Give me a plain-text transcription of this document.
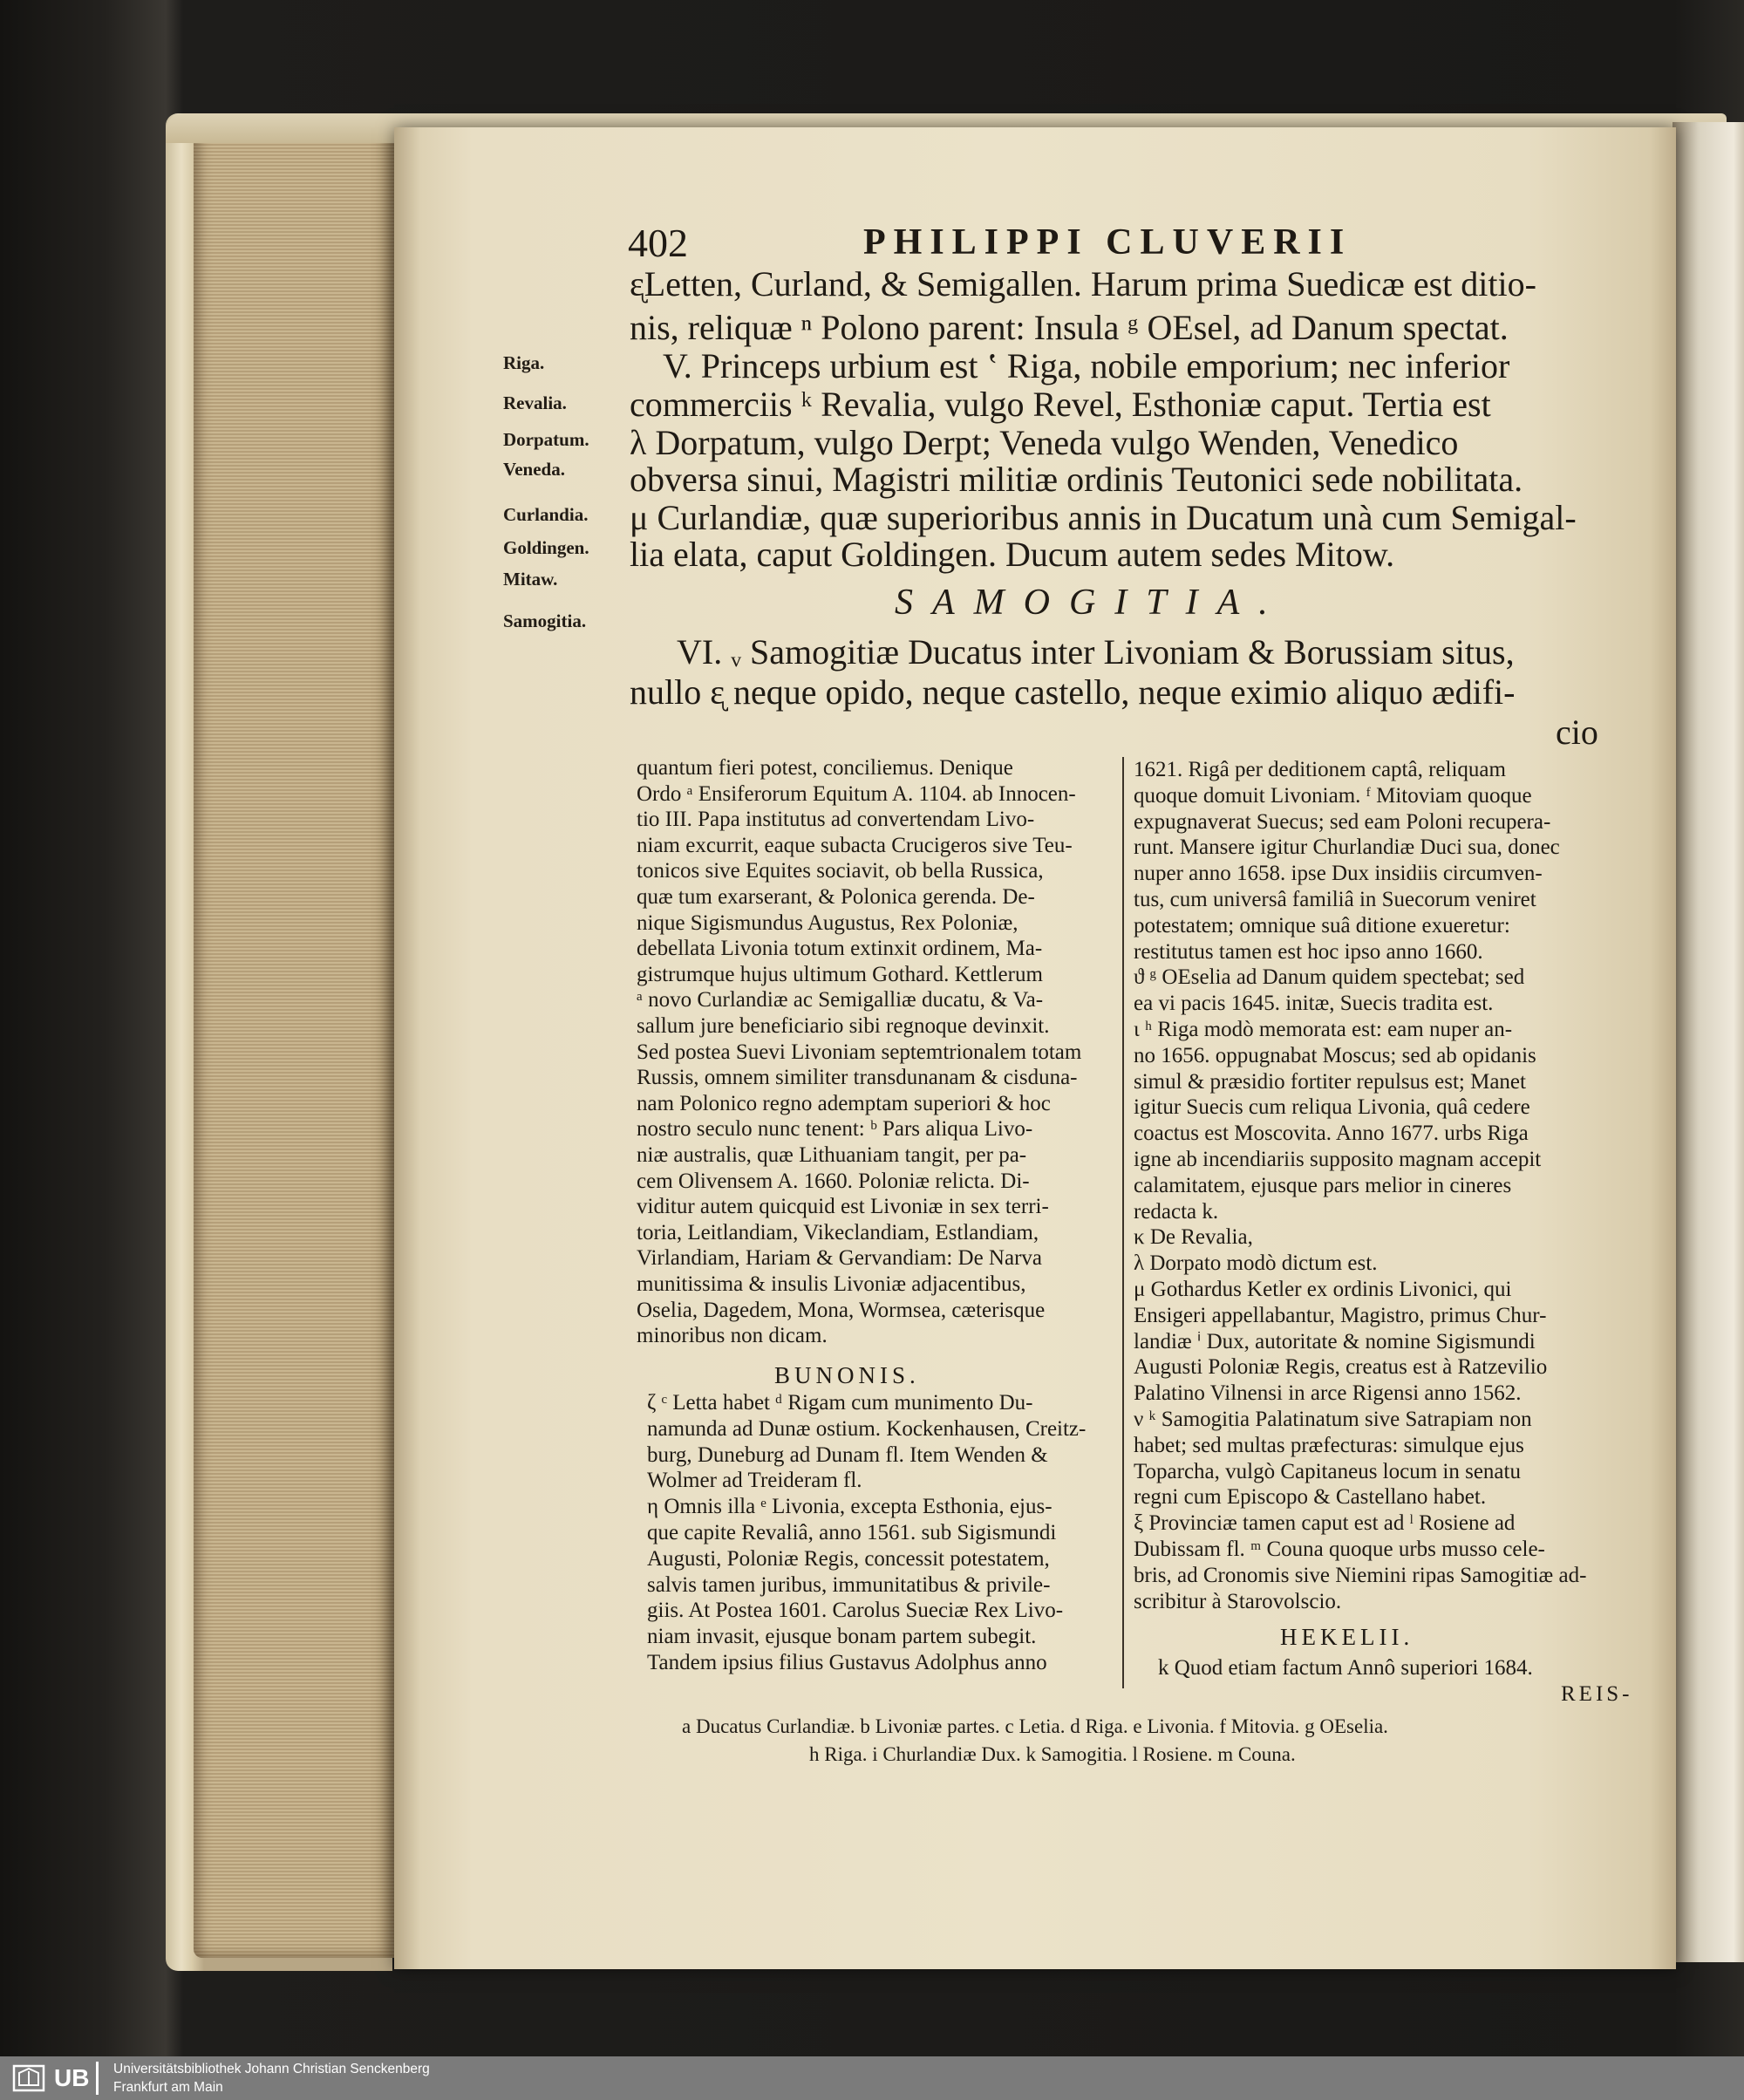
402	PHILIPPI CLUVERII
Riga.
Revalia.
Dorpatum.
Veneda.
Curlandia.
Goldingen.
Mitaw.
Samogitia.
ᶓLetten, Curland, & Semigallen. Harum prima Suedicæ est ditio-
nis, reliquæ ⁿ Polono parent: Insula ᵍ OEsel, ad Danum spectat.
V. Princeps urbium est ʽ Riga, nobile emporium; nec inferior
commerciis ᵏ Revalia, vulgo Revel, Esthoniæ caput. Tertia est
λ Dorpatum, vulgo Derpt; Veneda vulgo Wenden, Venedico
obversa sinui, Magistri militiæ ordinis Teutonici sede nobilitata.
μ Curlandiæ, quæ superioribus annis in Ducatum unà cum Semigal-
lia elata, caput Goldingen. Ducum autem sedes Mitow.
SAMOGITIA.
VI. ᵥ Samogitiæ Ducatus inter Livoniam & Borussiam situs,
nullo ᶓ neque opido, neque castello, neque eximio aliquo ædifi-
cio
quantum fieri potest, conciliemus. Denique
Ordo ᵃ Ensiferorum Equitum A. 1104. ab Innocen-
tio III. Papa institutus ad convertendam Livo-
niam excurrit, eaque subacta Crucigeros sive Teu-
tonicos sive Equites sociavit, ob bella Russica,
quæ tum exarserant, & Polonica gerenda. De-
nique Sigismundus Augustus, Rex Poloniæ,
debellata Livonia totum extinxit ordinem, Ma-
gistrumque hujus ultimum Gothard. Kettlerum
ᵃ novo Curlandiæ ac Semigalliæ ducatu, & Va-
sallum jure beneficiario sibi regnoque devinxit.
Sed postea Suevi Livoniam septemtrionalem totam
Russis, omnem similiter transdunanam & cisduna-
nam Polonico regno ademptam superiori & hoc
nostro seculo nunc tenent: ᵇ Pars aliqua Livo-
niæ australis, quæ Lithuaniam tangit, per pa-
cem Olivensem A. 1660. Poloniæ relicta. Di-
viditur autem quicquid est Livoniæ in sex terri-
toria, Leitlandiam, Vikeclandiam, Estlandiam,
Virlandiam, Hariam & Gervandiam: De Narva
munitissima & insulis Livoniæ adjacentibus,
Oselia, Dagedem, Mona, Wormsea, cæterisque
minoribus non dicam.
BUNONIS.
ζ ᶜ Letta habet ᵈ Rigam cum munimento Du-
namunda ad Dunæ ostium. Kockenhausen, Creitz-
burg, Duneburg ad Dunam fl. Item Wenden &
Wolmer ad Treideram fl.
η Omnis illa ᵉ Livonia, excepta Esthonia, ejus-
que capite Revaliâ, anno 1561. sub Sigismundi
Augusti, Poloniæ Regis, concessit potestatem,
salvis tamen juribus, immunitatibus & privile-
giis. At Postea 1601. Carolus Sueciæ Rex Livo-
niam invasit, ejusque bonam partem subegit.
Tandem ipsius filius Gustavus Adolphus anno
1621. Rigâ per deditionem captâ, reliquam
quoque domuit Livoniam. ᶠ Mitoviam quoque
expugnaverat Suecus; sed eam Poloni recupera-
runt. Mansere igitur Churlandiæ Duci sua, donec
nuper anno 1658. ipse Dux insidiis circumven-
tus, cum universâ familiâ in Suecorum veniret
potestatem; omnique suâ ditione exueretur:
restitutus tamen est hoc ipso anno 1660.
ϑ ᵍ OEselia ad Danum quidem spectebat; sed
ea vi pacis 1645. initæ, Suecis tradita est.
ι ʰ Riga modò memorata est: eam nuper an-
no 1656. oppugnabat Moscus; sed ab opidanis
simul & præsidio fortiter repulsus est; Manet
igitur Suecis cum reliqua Livonia, quâ cedere
coactus est Moscovita. Anno 1677. urbs Riga
igne ab incendiariis supposito magnam accepit
calamitatem, ejusque pars melior in cineres
redacta k.
κ De Revalia,
λ Dorpato modò dictum est.
μ Gothardus Ketler ex ordinis Livonici, qui
Ensigeri appellabantur, Magistro, primus Chur-
landiæ ⁱ Dux, autoritate & nomine Sigismundi
Augusti Poloniæ Regis, creatus est à Ratzevilio
Palatino Vilnensi in arce Rigensi anno 1562.
ν ᵏ Samogitia Palatinatum sive Satrapiam non
habet; sed multas præfecturas: simulque ejus
Toparcha, vulgò Capitaneus locum in senatu
regni cum Episcopo & Castellano habet.
ξ Provinciæ tamen caput est ad ˡ Rosiene ad
Dubissam fl. ᵐ Couna quoque urbs musso cele-
bris, ad Cronomis sive Niemini ripas Samogitiæ ad-
scribitur à Starovolscio.
HEKELII.
k Quod etiam factum Annô superiori 1684.
REIS-
a Ducatus Curlandiæ. b Livoniæ partes. c Letia. d Riga. e Livonia. f Mitovia. g OEselia.
h Riga. i Churlandiæ Dux. k Samogitia. l Rosiene. m Couna.
UB Universitätsbibliothek Johann Christian Senckenberg
Frankfurt am Main
